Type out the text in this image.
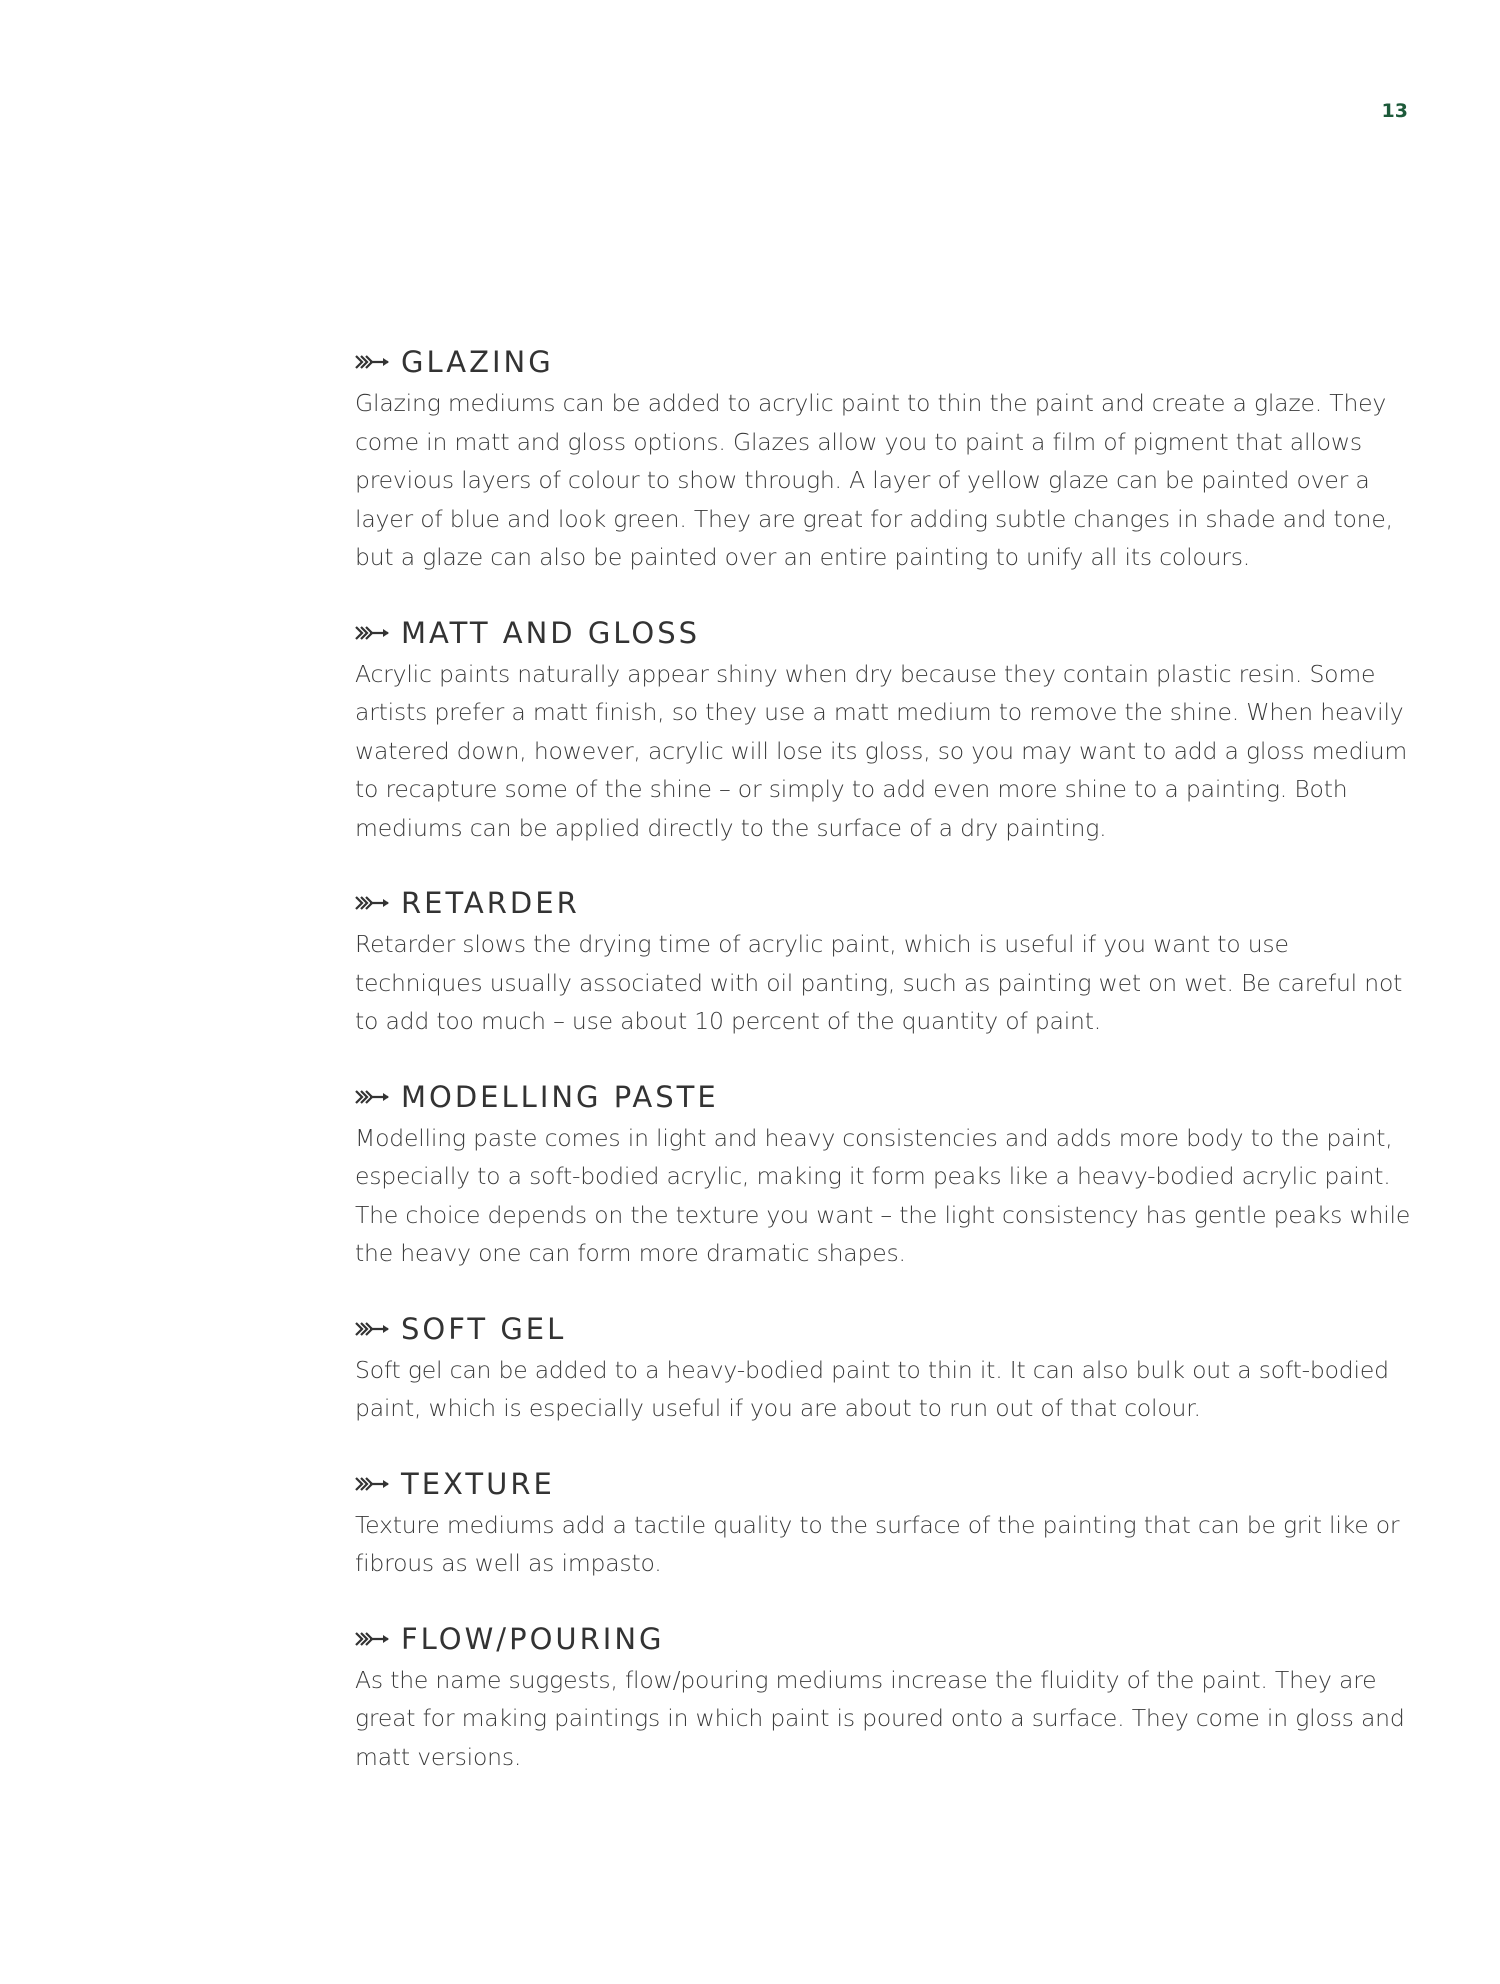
13
GLAZING

Glazing mediums can be added to acrylic paint to thin the paint and create a glaze. They come in matt and gloss options. Glazes allow you to paint a film of pigment that allows previous layers of colour to show through. A layer of yellow glaze can be painted over a layer of blue and look green. They are great for adding subtle changes in shade and tone, but a glaze can also be painted over an entire painting to unify all its colours.

MATT AND GLOSS

Acrylic paints naturally appear shiny when dry because they contain plastic resin. Some artists prefer a matt finish, so they use a matt medium to remove the shine. When heavily watered down, however, acrylic will lose its gloss, so you may want to add a gloss medium to recapture some of the shine – or simply to add even more shine to a painting. Both mediums can be applied directly to the surface of a dry painting.

RETARDER

Retarder slows the drying time of acrylic paint, which is useful if you want to use techniques usually associated with oil panting, such as painting wet on wet. Be careful not to add too much – use about 10 percent of the quantity of paint.

MODELLING PASTE

Modelling paste comes in light and heavy consistencies and adds more body to the paint, especially to a soft-bodied acrylic, making it form peaks like a heavy-bodied acrylic paint. The choice depends on the texture you want – the light consistency has gentle peaks while the heavy one can form more dramatic shapes.

SOFT GEL

Soft gel can be added to a heavy-bodied paint to thin it. It can also bulk out a soft-bodied paint, which is especially useful if you are about to run out of that colour.

TEXTURE

Texture mediums add a tactile quality to the surface of the painting that can be grit like or fibrous as well as impasto.

FLOW/POURING

As the name suggests, flow/pouring mediums increase the fluidity of the paint. They are great for making paintings in which paint is poured onto a surface. They come in gloss and matt versions.
